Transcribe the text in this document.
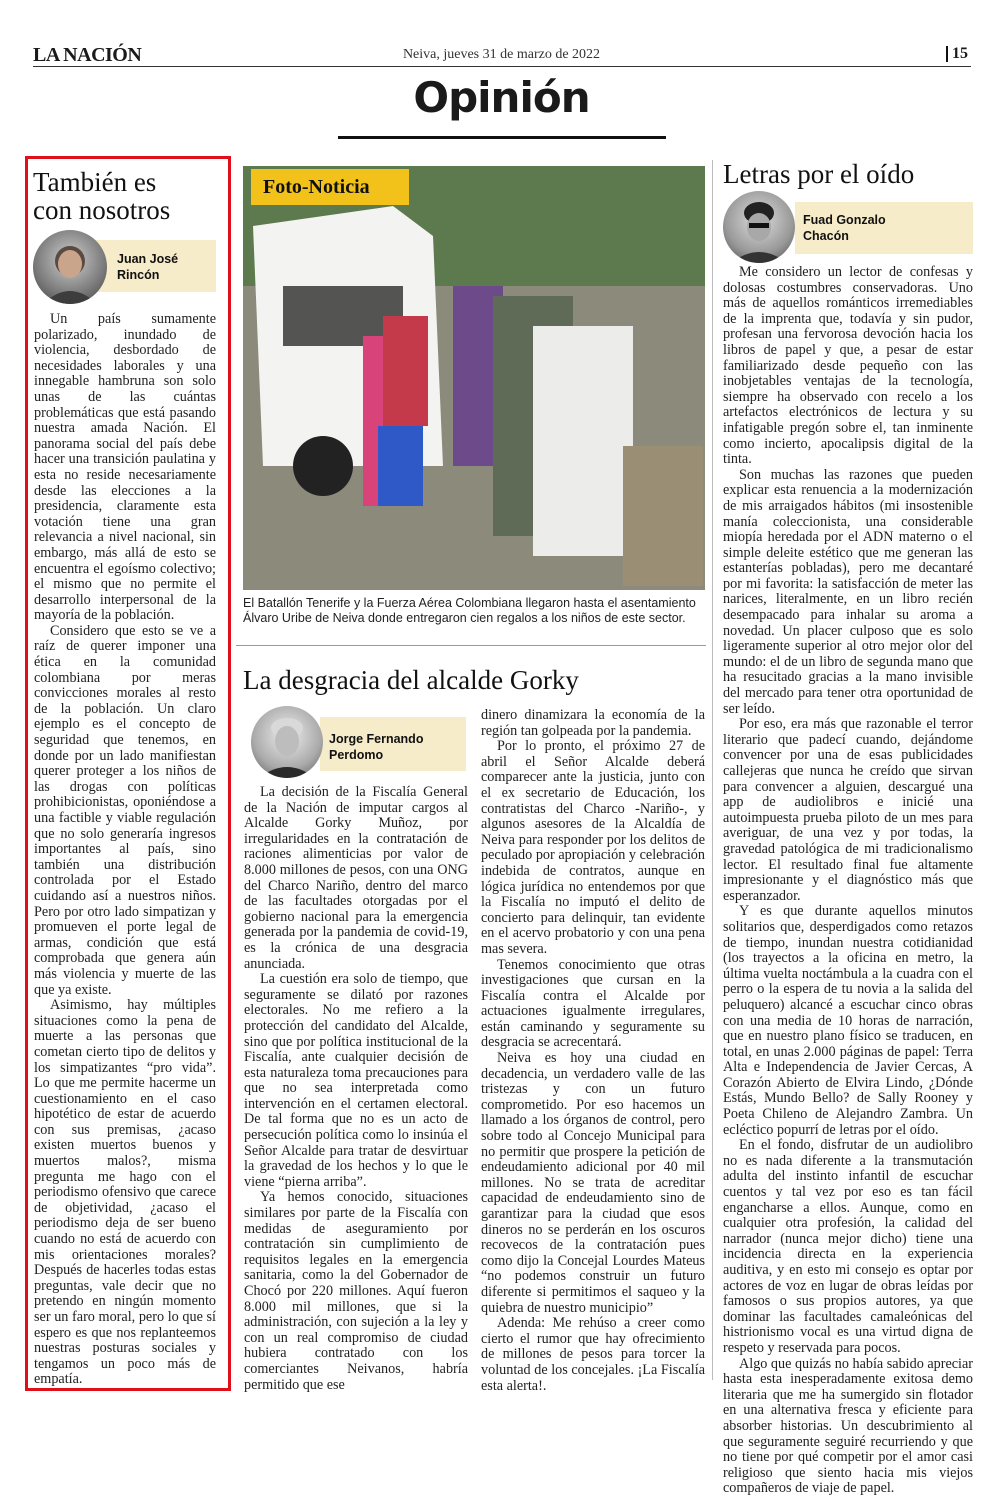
LA NACIÓN	Neiva, jueves 31 de marzo de 2022	15
Opinión
También es
con nosotros
Juan José
Rincón

Un país sumamente polarizado, inundado de violencia, desbordado de necesidades laborales y una innegable hambruna son solo unas de las cuántas problemáticas que está pasando nuestra amada Nación. El panorama social del país debe hacer una transición paulatina y esta no reside necesariamente desde las elecciones a la presidencia, claramente esta votación tiene una gran relevancia a nivel nacional, sin embargo, más allá de esto se encuentra el egoísmo colectivo; el mismo que no permite el desarrollo interpersonal de la mayoría de la población.

Considero que esto se ve a raíz de querer imponer una ética en la comunidad colombiana por meras convicciones morales al resto de la población. Un claro ejemplo es el concepto de seguridad que tenemos, en donde por un lado manifiestan querer proteger a los niños de las drogas con políticas prohibicionistas, oponiéndose a una factible y viable regulación que no solo generaría ingresos importantes al país, sino también una distribución controlada por el Estado cuidando así a nuestros niños. Pero por otro lado simpatizan y promueven el porte legal de armas, condición que está comprobada que genera aún más violencia y muerte de las que ya existe.

Asimismo, hay múltiples situaciones como la pena de muerte a las personas que cometan cierto tipo de delitos y los simpatizantes “pro vida”. Lo que me permite hacerme un cuestionamiento en el caso hipotético de estar de acuerdo con sus premisas, ¿acaso existen muertos buenos y muertos malos?, misma pregunta me hago con el periodismo ofensivo que carece de objetividad, ¿acaso el periodismo deja de ser bueno cuando no está de acuerdo con mis orientaciones morales? Después de hacerles todas estas preguntas, vale decir que no pretendo en ningún momento ser un faro moral, pero lo que sí espero es que nos replanteemos nuestras posturas sociales y tengamos un poco más de empatía.

Foto-Noticia
El Batallón Tenerife y la Fuerza Aérea Colombiana llegaron hasta el asentamiento Álvaro Uribe de Neiva donde entregaron cien regalos a los niños de este sector.
La desgracia del alcalde Gorky
Jorge Fernando
Perdomo

La decisión de la Fiscalía General de la Nación de imputar cargos al Alcalde Gorky Muñoz, por irregularidades en la contratación de raciones alimenticias por valor de 8.000 millones de pesos, con una ONG del Charco Nariño, dentro del marco de las facultades otorgadas por el gobierno nacional para la emergencia generada por la pandemia de covid-19, es la crónica de una desgracia anunciada.

La cuestión era solo de tiempo, que seguramente se dilató por razones electorales. No me refiero a la protección del candidato del Alcalde, sino que por política institucional de la Fiscalía, ante cualquier decisión de esta naturaleza toma precauciones para que no sea interpretada como intervención en el certamen electoral. De tal forma que no es un acto de persecución política como lo insinúa el Señor Alcalde para tratar de desvirtuar la gravedad de los hechos y lo que le viene “pierna arriba”.

Ya hemos conocido, situaciones similares por parte de la Fiscalía con medidas de aseguramiento por contratación sin cumplimiento de requisitos legales en la emergencia sanitaria, como la del Gobernador de Chocó por 220 millones. Aquí fueron 8.000 mil millones, que si la administración, con sujeción a la ley y con un real compromiso de ciudad hubiera contratado con los comerciantes Neivanos, habría permitido que ese

dinero dinamizara la economía de la región tan golpeada por la pandemia.

Por lo pronto, el próximo 27 de abril el Señor Alcalde deberá comparecer ante la justicia, junto con el ex secretario de Educación, los contratistas del Charco -Nariño-, y algunos asesores de la Alcaldía de Neiva para responder por los delitos de peculado por apropiación y celebración indebida de contratos, aunque en lógica jurídica no entendemos por que la Fiscalía no imputó el delito de concierto para delinquir, tan evidente en el acervo probatorio y con una pena mas severa.

Tenemos conocimiento que otras investigaciones que cursan en la Fiscalía contra el Alcalde por actuaciones igualmente irregulares, están caminando y seguramente su desgracia se acrecentará.

Neiva es hoy una ciudad en decadencia, un verdadero valle de las tristezas y con un futuro comprometido. Por eso hacemos un llamado a los órganos de control, pero sobre todo al Concejo Municipal para no permitir que prospere la petición de endeudamiento adicional por 40 mil millones. No se trata de acreditar capacidad de endeudamiento sino de garantizar para la ciudad que esos dineros no se perderán en los oscuros recovecos de la contratación pues como dijo la Concejal Lourdes Mateus “no podemos construir un futuro diferente si permitimos el saqueo y la quiebra de nuestro municipio”

Adenda: Me rehúso a creer como cierto el rumor que hay ofrecimiento de millones de pesos para torcer la voluntad de los concejales. ¡La Fiscalía esta alerta!.

Letras por el oído
Fuad Gonzalo
Chacón

Me considero un lector de confesas y dolosas costumbres conservadoras. Uno más de aquellos románticos irremediables de la imprenta que, todavía y sin pudor, profesan una fervorosa devoción hacia los libros de papel y que, a pesar de estar familiarizado desde pequeño con las inobjetables ventajas de la tecnología, siempre ha observado con recelo a los artefactos electrónicos de lectura y su infatigable pregón sobre el, tan inminente como incierto, apocalipsis digital de la tinta.

Son muchas las razones que pueden explicar esta renuencia a la modernización de mis arraigados hábitos (mi insostenible manía coleccionista, una considerable miopía heredada por el ADN materno o el simple deleite estético que me generan las estanterías pobladas), pero me decantaré por mi favorita: la satisfacción de meter las narices, literalmente, en un libro recién desempacado para inhalar su aroma a novedad. Un placer culposo que es solo ligeramente superior al otro mejor olor del mundo: el de un libro de segunda mano que ha resucitado gracias a la mano invisible del mercado para tener otra oportunidad de ser leído.

Por eso, era más que razonable el terror literario que padecí cuando, dejándome convencer por una de esas publicidades callejeras que nunca he creído que sirvan para convencer a alguien, descargué una app de audiolibros e inicié una autoimpuesta prueba piloto de un mes para averiguar, de una vez y por todas, la gravedad patológica de mi tradicionalismo lector. El resultado final fue altamente impresionante y el diagnóstico más que esperanzador.

Y es que durante aquellos minutos solitarios que, desperdigados como retazos de tiempo, inundan nuestra cotidianidad (los trayectos a la oficina en metro, la última vuelta noctámbula a la cuadra con el perro o la espera de tu novia a la salida del peluquero) alcancé a escuchar cinco obras con una media de 10 horas de narración, que en nuestro plano físico se traducen, en total, en unas 2.000 páginas de papel: Terra Alta e Independencia de Javier Cercas, A Corazón Abierto de Elvira Lindo, ¿Dónde Estás, Mundo Bello? de Sally Rooney y Poeta Chileno de Alejandro Zambra. Un ecléctico popurrí de letras por el oído.

En el fondo, disfrutar de un audiolibro no es nada diferente a la transmutación adulta del instinto infantil de escuchar cuentos y tal vez por eso es tan fácil engancharse a ellos. Aunque, como en cualquier otra profesión, la calidad del narrador (nunca mejor dicho) tiene una incidencia directa en la experiencia auditiva, y en esto mi consejo es optar por actores de voz en lugar de obras leídas por famosos o sus propios autores, ya que dominar las facultades camaleónicas del histrionismo vocal es una virtud digna de respeto y reservada para pocos.

Algo que quizás no había sabido apreciar hasta esta inesperadamente exitosa demo literaria que me ha sumergido sin flotador en una alternativa fresca y eficiente para absorber historias. Un descubrimiento al que seguramente seguiré recurriendo y que no tiene por qué competir por el amor casi religioso que siento hacia mis viejos compañeros de viaje de papel.
